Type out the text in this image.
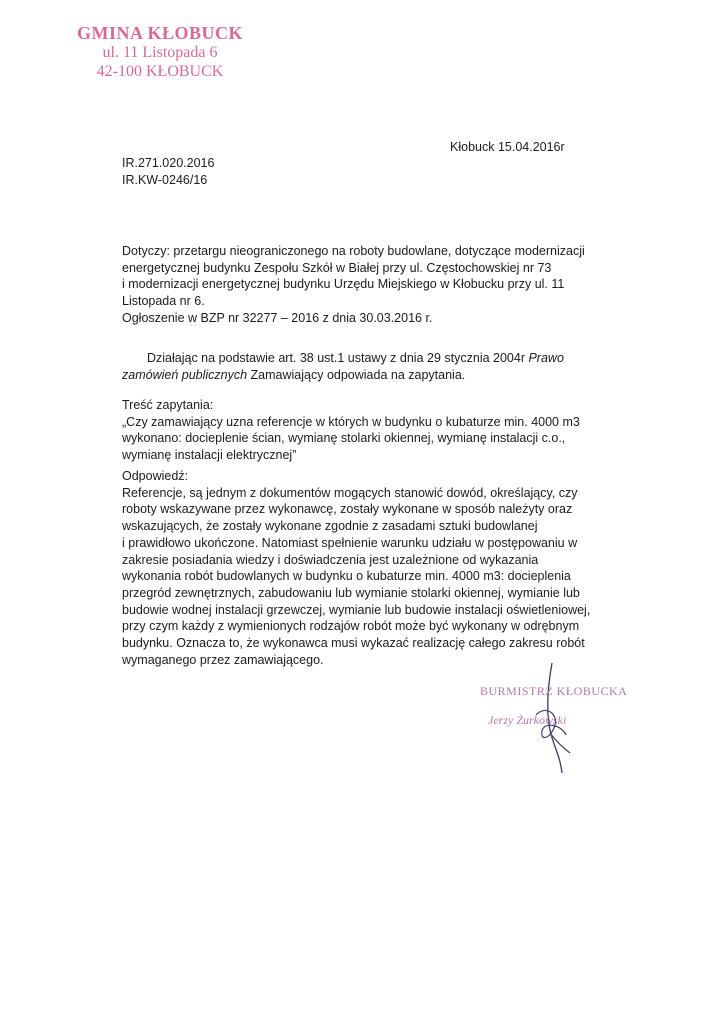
GMINA KŁOBUCK
ul. 11 Listopada 6
42-100 KŁOBUCK
Kłobuck 15.04.2016r
IR.271.020.2016
IR.KW-0246/16
Dotyczy: przetargu nieograniczonego na roboty budowlane, dotyczące modernizacji
energetycznej budynku Zespołu Szkół w Białej przy ul. Częstochowskiej nr 73
i modernizacji energetycznej budynku Urzędu Miejskiego w Kłobucku przy ul. 11
Listopada nr 6.
Ogłoszenie w BZP nr 32277 – 2016 z dnia 30.03.2016 r.
Działając na podstawie art. 38 ust.1 ustawy z dnia 29 stycznia 2004r Prawo
zamówień publicznych Zamawiający odpowiada na zapytania.
Treść zapytania:
„Czy zamawiający uzna referencje w których w budynku o kubaturze min. 4000 m3
wykonano: docieplenie ścian, wymianę stolarki okiennej, wymianę instalacji c.o.,
wymianę instalacji elektrycznej”
Odpowiedź:
Referencje, są jednym z dokumentów mogących stanowić dowód, określający, czy
roboty wskazywane przez wykonawcę, zostały wykonane w sposób należyty oraz
wskazujących, że zostały wykonane zgodnie z zasadami sztuki budowlanej
i prawidłowo ukończone. Natomiast spełnienie warunku udziału w postępowaniu w
zakresie posiadania wiedzy i doświadczenia jest uzależnione od wykazania
wykonania robót budowlanych w budynku o kubaturze min. 4000 m3: docieplenia
przegród zewnętrznych, zabudowaniu lub wymianie stolarki okiennej, wymianie lub
budowie wodnej instalacji grzewczej, wymianie lub budowie instalacji oświetleniowej,
przy czym każdy z wymienionych rodzajów robót może być wykonany w odrębnym
budynku. Oznacza to, że wykonawca musi wykazać realizację całego zakresu robót
wymaganego przez zamawiającego.
BURMISTRZ KŁOBUCKA
Jerzy Żurkowski
